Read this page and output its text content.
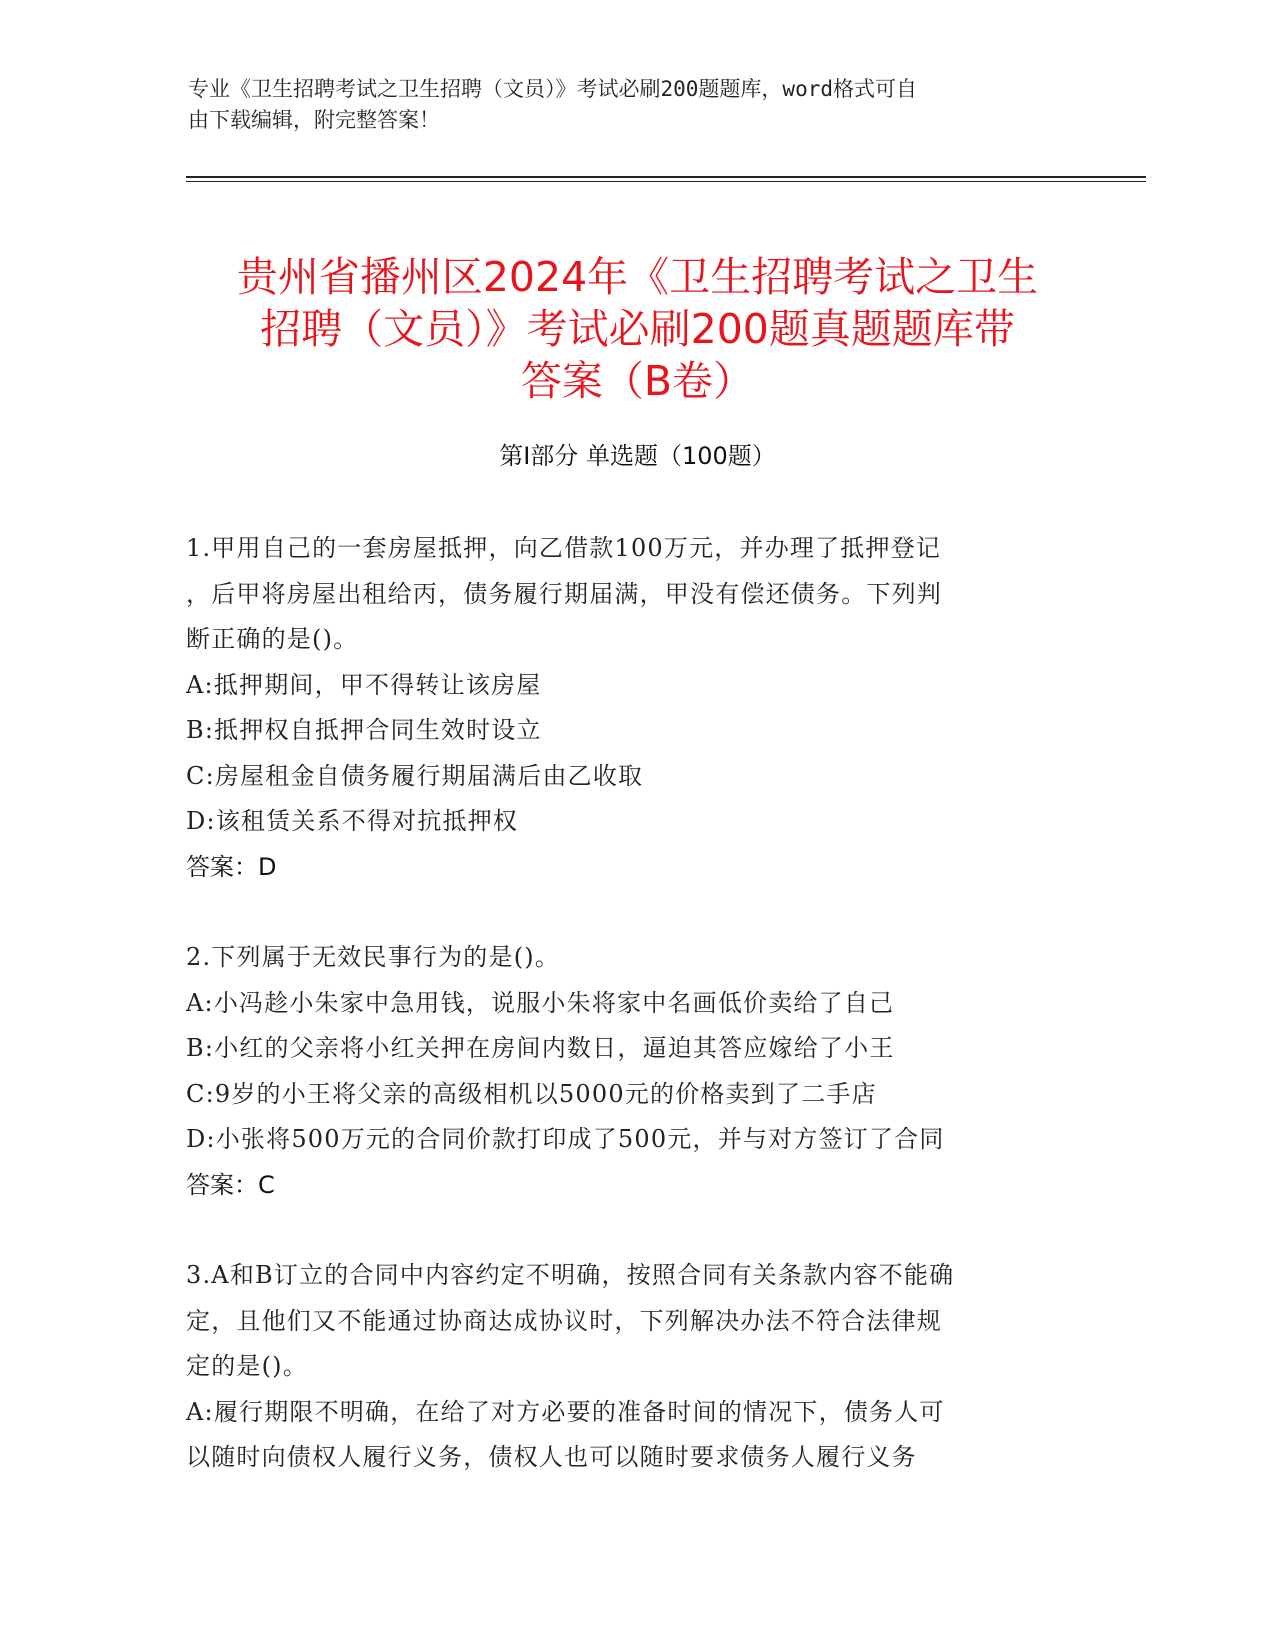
专业《卫生招聘考试之卫生招聘（文员）》考试必刷200题题库，word格式可自
由下载编辑，附完整答案！
贵州省播州区2024年《卫生招聘考试之卫生
招聘（文员）》考试必刷200题真题题库带
答案（B卷）
第Ⅰ部分 单选题（100题）
1.甲用自己的一套房屋抵押，向乙借款100万元，并办理了抵押登记
，后甲将房屋出租给丙，债务履行期届满，甲没有偿还债务。下列判
断正确的是()。
A:抵押期间，甲不得转让该房屋
B:抵押权自抵押合同生效时设立
C:房屋租金自债务履行期届满后由乙收取
D:该租赁关系不得对抗抵押权
答案：D
2.下列属于无效民事行为的是()。
A:小冯趁小朱家中急用钱，说服小朱将家中名画低价卖给了自己
B:小红的父亲将小红关押在房间内数日，逼迫其答应嫁给了小王
C:9岁的小王将父亲的高级相机以5000元的价格卖到了二手店
D:小张将500万元的合同价款打印成了500元，并与对方签订了合同
答案：C
3.A和B订立的合同中内容约定不明确，按照合同有关条款内容不能确
定，且他们又不能通过协商达成协议时，下列解决办法不符合法律规
定的是()。
A:履行期限不明确，在给了对方必要的准备时间的情况下，债务人可
以随时向债权人履行义务，债权人也可以随时要求债务人履行义务
